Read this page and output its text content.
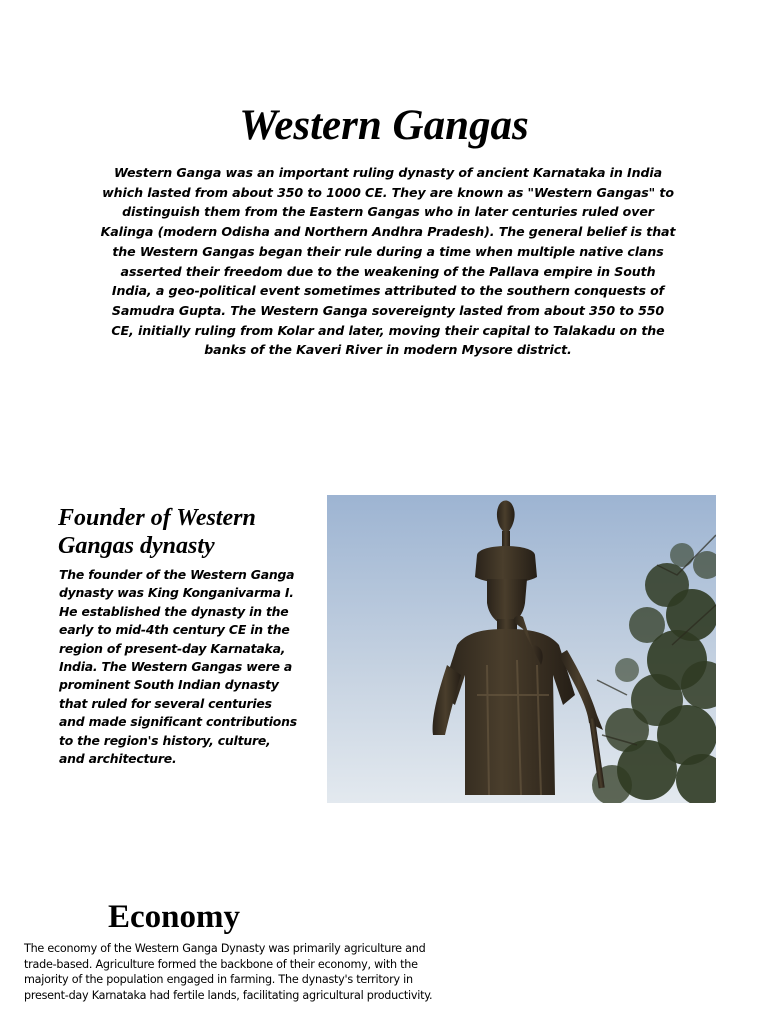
Western Gangas

Western Ganga was an important ruling dynasty of ancient Karnataka in India which lasted from about 350 to 1000 CE. They are known as "Western Gangas" to distinguish them from the Eastern Gangas who in later centuries ruled over Kalinga (modern Odisha and Northern Andhra Pradesh). The general belief is that the Western Gangas began their rule during a time when multiple native clans asserted their freedom due to the weakening of the Pallava empire in South India, a geo-political event sometimes attributed to the southern conquests of Samudra Gupta. The Western Ganga sovereignty lasted from about 350 to 550 CE, initially ruling from Kolar and later, moving their capital to Talakadu on the banks of the Kaveri River in modern Mysore district.

Founder of Western Gangas dynasty

The founder of the Western Ganga dynasty was King Konganivarma I. He established the dynasty in the early to mid-4th century CE in the region of present-day Karnataka, India. The Western Gangas were a prominent South Indian dynasty that ruled for several centuries and made significant contributions to the region's history, culture, and architecture.

Economy

The economy of the Western Ganga Dynasty was primarily agriculture and trade-based. Agriculture formed the backbone of their economy, with the majority of the population engaged in farming. The dynasty's territory in present-day Karnataka had fertile lands, facilitating agricultural productivity.
